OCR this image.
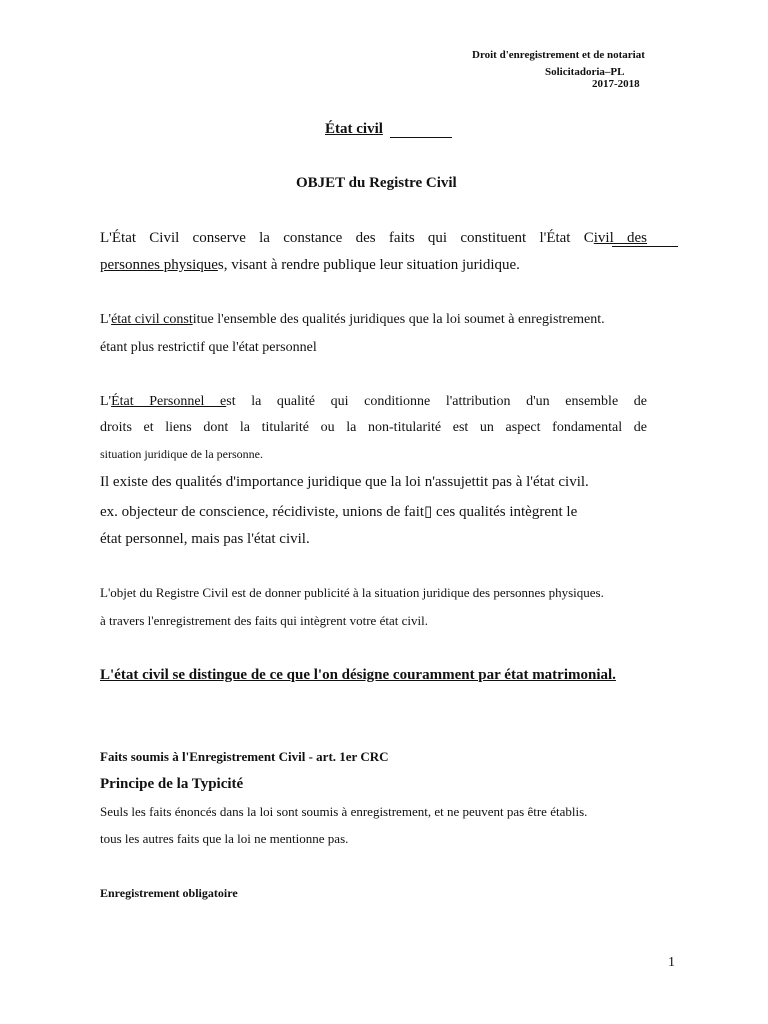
Droit d'enregistrement et de notariat
Solicitadoria–PL
2017-2018
État civil
OBJET du Registre Civil
L'État Civil conserve la constance des faits qui constituent l'État Civil des
personnes physiques, visant à rendre publique leur situation juridique.
L'état civil constitue l'ensemble des qualités juridiques que la loi soumet à enregistrement.
étant plus restrictif que l'état personnel
L'État Personnel est la qualité qui conditionne l'attribution d'un ensemble de
droits et liens dont la titularité ou la non-titularité est un aspect fondamental de
situation juridique de la personne.
Il existe des qualités d'importance juridique que la loi n'assujettit pas à l'état civil.
ex. objecteur de conscience, récidiviste, unions de fait▯ ces qualités intègrent le
état personnel, mais pas l'état civil.
L'objet du Registre Civil est de donner publicité à la situation juridique des personnes physiques.
à travers l'enregistrement des faits qui intègrent votre état civil.
L'état civil se distingue de ce que l'on désigne couramment par état matrimonial.
Faits soumis à l'Enregistrement Civil - art. 1er CRC
Principe de la Typicité
Seuls les faits énoncés dans la loi sont soumis à enregistrement, et ne peuvent pas être établis.
tous les autres faits que la loi ne mentionne pas.
Enregistrement obligatoire
1
